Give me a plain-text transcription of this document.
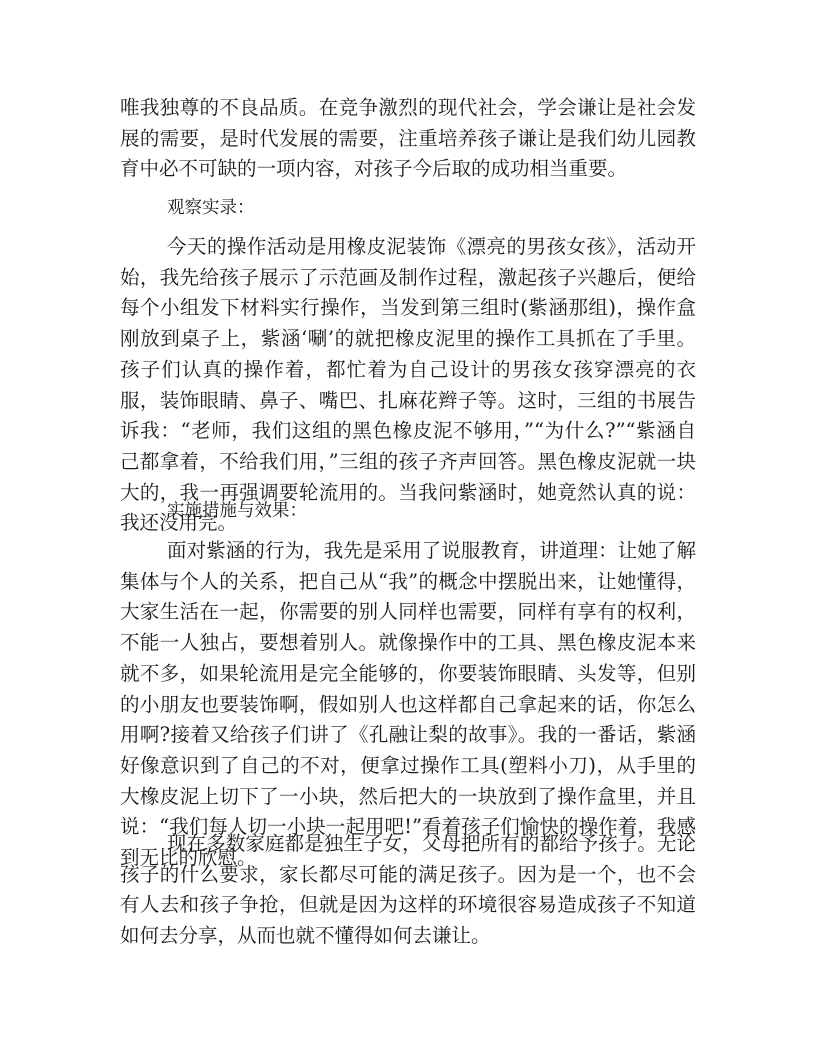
唯我独尊的不良品质。在竞争激烈的现代社会，学会谦让是社会发展的需要，是时代发展的需要，注重培养孩子谦让是我们幼儿园教育中必不可缺的一项内容，对孩子今后取的成功相当重要。

观察实录：

今天的操作活动是用橡皮泥装饰《漂亮的男孩女孩》，活动开始，我先给孩子展示了示范画及制作过程，激起孩子兴趣后，便给每个小组发下材料实行操作，当发到第三组时(紫涵那组)，操作盒刚放到桌子上，紫涵‘唰’的就把橡皮泥里的操作工具抓在了手里。孩子们认真的操作着，都忙着为自己设计的男孩女孩穿漂亮的衣服，装饰眼睛、鼻子、嘴巴、扎麻花辫子等。这时，三组的书展告诉我：“老师，我们这组的黑色橡皮泥不够用，”“为什么?”“紫涵自己都拿着，不给我们用，”三组的孩子齐声回答。黑色橡皮泥就一块大的，我一再强调要轮流用的。当我问紫涵时，她竟然认真的说：我还没用完。

实施措施与效果：

面对紫涵的行为，我先是采用了说服教育，讲道理：让她了解集体与个人的关系，把自己从“我”的概念中摆脱出来，让她懂得，大家生活在一起，你需要的别人同样也需要，同样有享有的权利，不能一人独占，要想着别人。就像操作中的工具、黑色橡皮泥本来就不多，如果轮流用是完全能够的，你要装饰眼睛、头发等，但别的小朋友也要装饰啊，假如别人也这样都自己拿起来的话，你怎么用啊?接着又给孩子们讲了《孔融让梨的故事》。我的一番话，紫涵好像意识到了自己的不对，便拿过操作工具(塑料小刀)，从手里的大橡皮泥上切下了一小块，然后把大的一块放到了操作盒里，并且说：“我们每人切一小块一起用吧!”看着孩子们愉快的操作着，我感到无比的欣慰。

现在多数家庭都是独生子女，父母把所有的都给予孩子。无论孩子的什么要求，家长都尽可能的满足孩子。因为是一个，也不会有人去和孩子争抢，但就是因为这样的环境很容易造成孩子不知道如何去分享，从而也就不懂得如何去谦让。
